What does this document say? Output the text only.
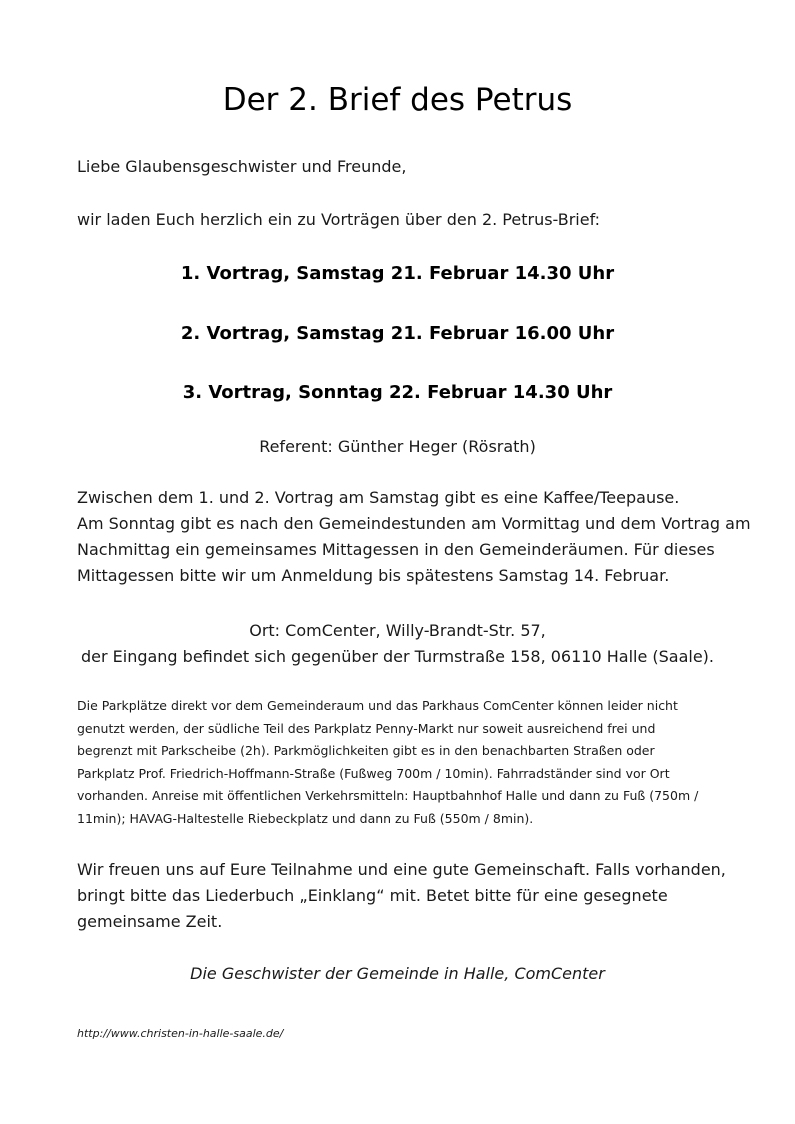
Der 2. Brief des Petrus
Liebe Glaubensgeschwister und Freunde,
wir laden Euch herzlich ein zu Vorträgen über den 2. Petrus-Brief:
1. Vortrag, Samstag 21. Februar 14.30 Uhr
2. Vortrag, Samstag 21. Februar 16.00 Uhr
3. Vortrag, Sonntag 22. Februar 14.30 Uhr
Referent: Günther Heger (Rösrath)

Zwischen dem 1. und 2. Vortrag am Samstag gibt es eine Kaffee/Teepause.

Am Sonntag gibt es nach den Gemeindestunden am Vormittag und dem Vortrag am

Nachmittag ein gemeinsames Mittagessen in den Gemeinderäumen. Für dieses

Mittagessen bitte wir um Anmeldung bis spätestens Samstag 14. Februar.

Ort: ComCenter, Willy-Brandt-Str. 57,
der Eingang befindet sich gegenüber der Turmstraße 158, 06110 Halle (Saale).

Die Parkplätze direkt vor dem Gemeinderaum und das Parkhaus ComCenter können leider nicht

genutzt werden, der südliche Teil des Parkplatz Penny-Markt nur soweit ausreichend frei und

begrenzt mit Parkscheibe (2h). Parkmöglichkeiten gibt es in den benachbarten Straßen oder

Parkplatz Prof. Friedrich-Hoffmann-Straße (Fußweg 700m / 10min). Fahrradständer sind vor Ort

vorhanden. Anreise mit öffentlichen Verkehrsmitteln: Hauptbahnhof Halle und dann zu Fuß (750m /

11min); HAVAG-Haltestelle Riebeckplatz und dann zu Fuß (550m / 8min).

Wir freuen uns auf Eure Teilnahme und eine gute Gemeinschaft. Falls vorhanden,

bringt bitte das Liederbuch „Einklang“ mit. Betet bitte für eine gesegnete

gemeinsame Zeit.

Die Geschwister der Gemeinde in Halle, ComCenter
http://www.christen-in-halle-saale.de/
